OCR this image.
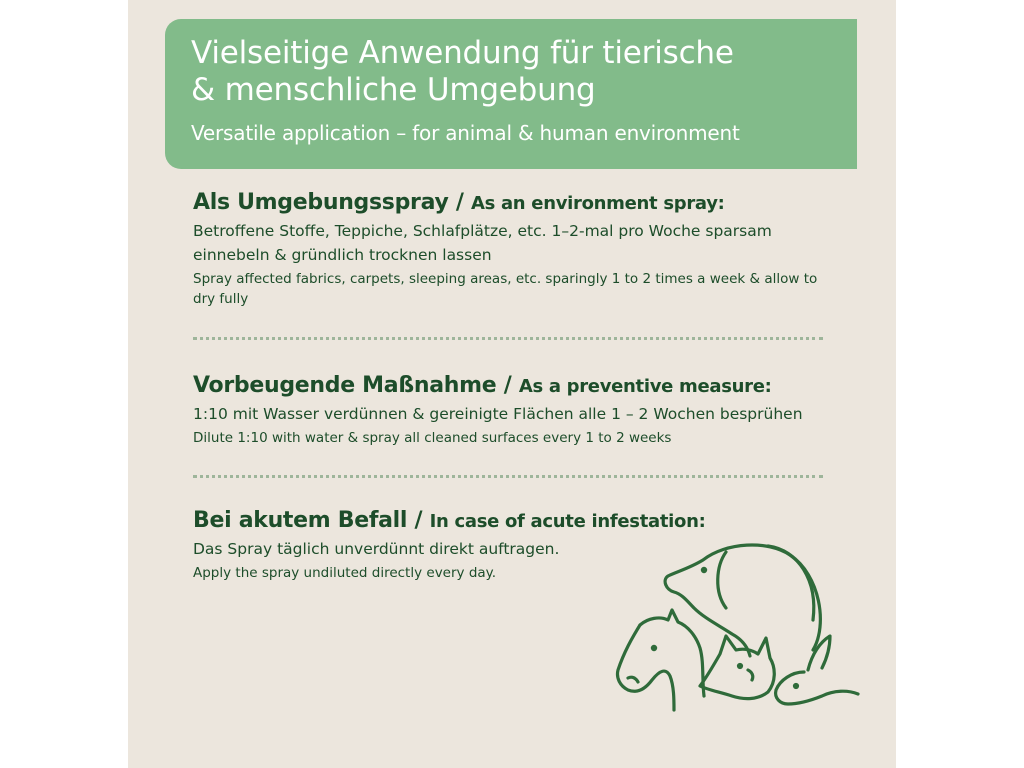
Vielseitige Anwendung für tierische
& menschliche Umgebung

Versatile application – for animal & human environment

Als Umgebungsspray / As an environment spray:
Betroffene Stoffe, Teppiche, Schlafplätze, etc. 1–2-mal pro Woche sparsam einnebeln & gründlich trocknen lassen
Spray affected fabrics, carpets, sleeping areas, etc. sparingly 1 to 2 times a week & allow to dry fully
Vorbeugende Maßnahme / As a preventive measure:
1:10 mit Wasser verdünnen & gereinigte Flächen alle 1 – 2 Wochen besprühen
Dilute 1:10 with water & spray all cleaned surfaces every 1 to 2 weeks
Bei akutem Befall / In case of acute infestation:
Das Spray täglich unverdünnt direkt auftragen.
Apply the spray undiluted directly every day.
